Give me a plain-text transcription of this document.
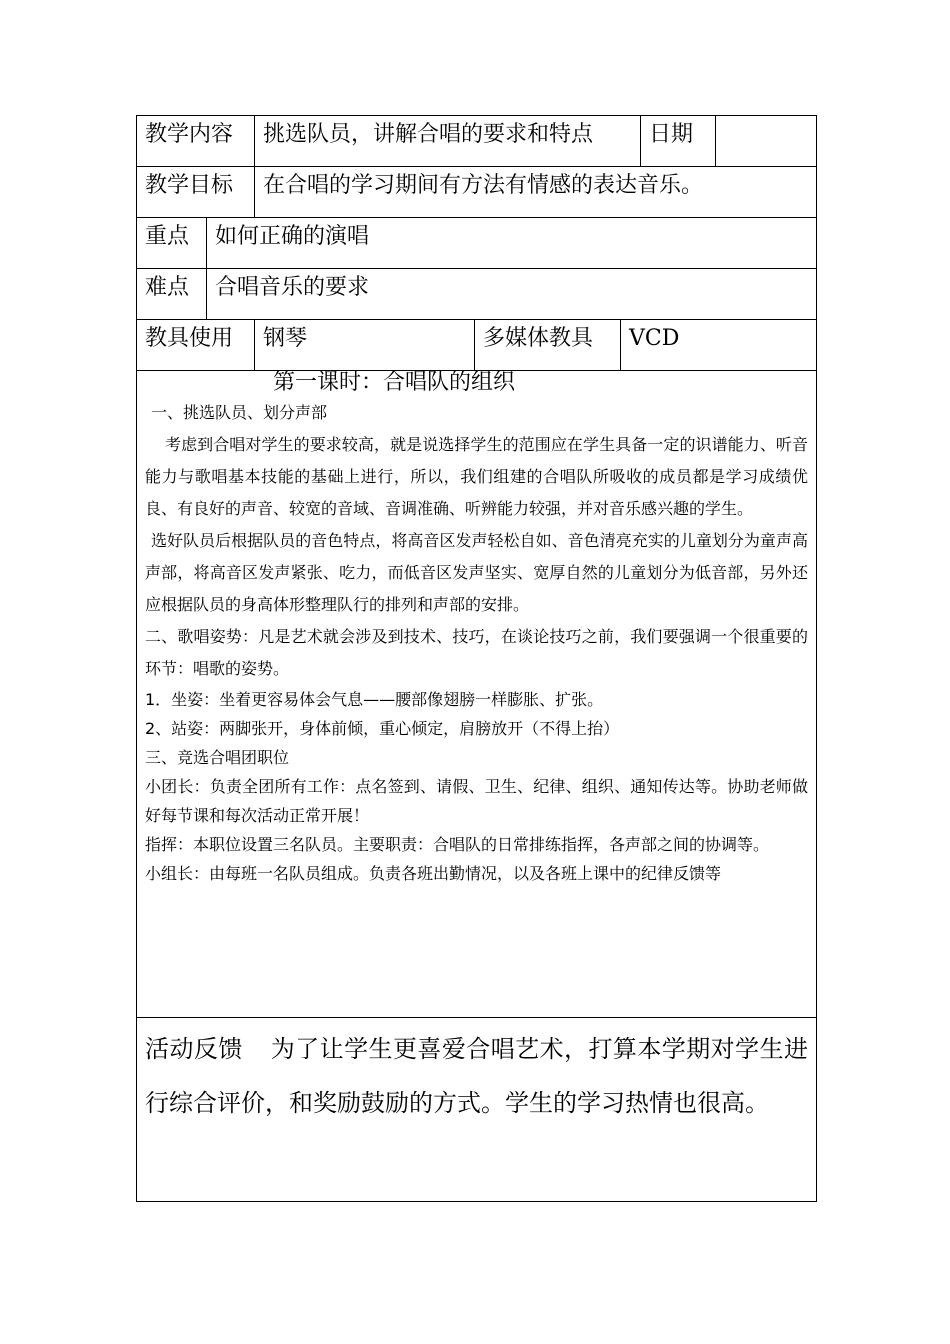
教学内容	挑选队员，讲解合唱的要求和特点	日期
教学目标	在合唱的学习期间有方法有情感的表达音乐。
重点	如何正确的演唱
难点	合唱音乐的要求
教具使用	钢琴	多媒体教具	VCD
第一课时：合唱队的组织

一、挑选队员、划分声部

考虑到合唱对学生的要求较高，就是说选择学生的范围应在学生具备一定的识谱能力、听音能力与歌唱基本技能的基础上进行，所以，我们组建的合唱队所吸收的成员都是学习成绩优良、有良好的声音、较宽的音域、音调准确、听辨能力较强，并对音乐感兴趣的学生。

选好队员后根据队员的音色特点，将高音区发声轻松自如、音色清亮充实的儿童划分为童声高声部，将高音区发声紧张、吃力，而低音区发声坚实、宽厚自然的儿童划分为低音部，另外还应根据队员的身高体形整理队行的排列和声部的安排。

二、歌唱姿势：凡是艺术就会涉及到技术、技巧，在谈论技巧之前，我们要强调一个很重要的环节：唱歌的姿势。

1．坐姿：坐着更容易体会气息——腰部像翅膀一样膨胀、扩张。

2、站姿：两脚张开，身体前倾，重心倾定，肩膀放开（不得上抬）

三、竞选合唱团职位

小团长：负责全团所有工作：点名签到、请假、卫生、纪律、组织、通知传达等。协助老师做好每节课和每次活动正常开展！

指挥：本职位设置三名队员。主要职责：合唱队的日常排练指挥，各声部之间的协调等。

小组长：由每班一名队员组成。负责各班出勤情况，以及各班上课中的纪律反馈等

活动反馈 为了让学生更喜爱合唱艺术，打算本学期对学生进行综合评价，和奖励鼓励的方式。学生的学习热情也很高。
